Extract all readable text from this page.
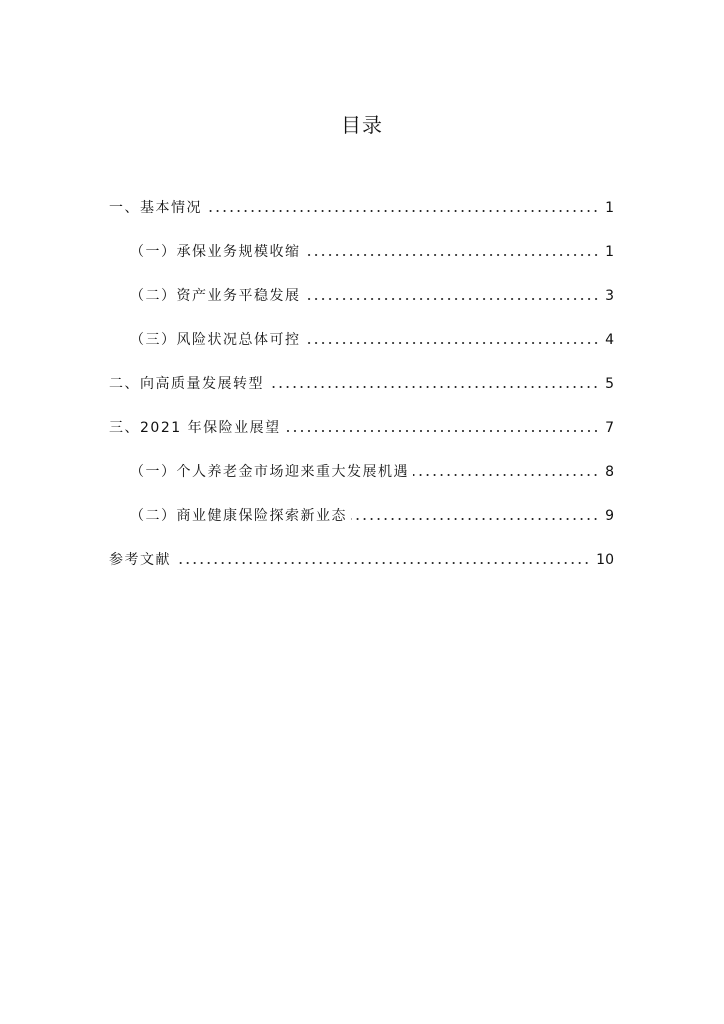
目录
一、基本情况	1
（一）承保业务规模收缩	1
（二）资产业务平稳发展	3
（三）风险状况总体可控	4
二、向高质量发展转型	5
三、2021 年保险业展望	7
（一）个人养老金市场迎来重大发展机遇	8
（二）商业健康保险探索新业态	9
参考文献	10
